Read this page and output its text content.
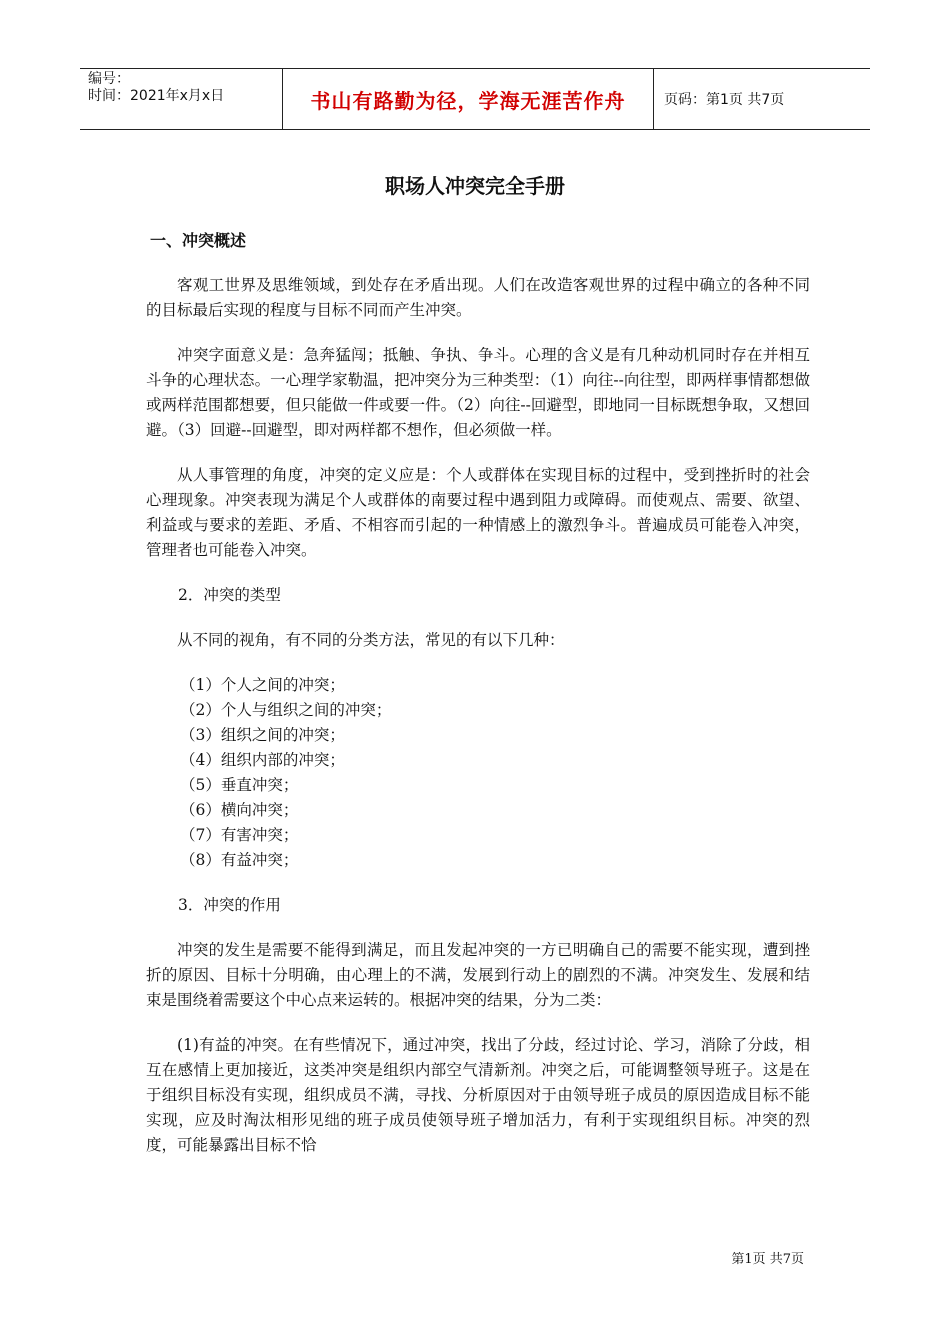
编号：
时间：2021年x月x日	书山有路勤为径，学海无涯苦作舟	页码：第1页 共7页
职场人冲突完全手册
一、冲突概述
客观工世界及思维领域，到处存在矛盾出现。人们在改造客观世界的过程中确立的各种不同的目标最后实现的程度与目标不同而产生冲突。
冲突字面意义是：急奔猛闯；抵触、争执、争斗。心理的含义是有几种动机同时存在并相互斗争的心理状态。一心理学家勒温，把冲突分为三种类型：（1）向往--向往型，即两样事情都想做或两样范围都想要，但只能做一件或要一件。（2）向往--回避型，即地同一目标既想争取，又想回避。（3）回避--回避型，即对两样都不想作，但必须做一样。
从人事管理的角度，冲突的定义应是：个人或群体在实现目标的过程中，受到挫折时的社会心理现象。冲突表现为满足个人或群体的南要过程中遇到阻力或障碍。而使观点、需要、欲望、利益或与要求的差距、矛盾、不相容而引起的一种情感上的激烈争斗。普遍成员可能卷入冲突，管理者也可能卷入冲突。
2．冲突的类型
从不同的视角，有不同的分类方法，常见的有以下几种：
（1）个人之间的冲突；
（2）个人与组织之间的冲突；
（3）组织之间的冲突；
（4）组织内部的冲突；
（5）垂直冲突；
（6）横向冲突；
（7）有害冲突；
（8）有益冲突；
3．冲突的作用
冲突的发生是需要不能得到满足，而且发起冲突的一方已明确自己的需要不能实现，遭到挫折的原因、目标十分明确，由心理上的不满，发展到行动上的剧烈的不满。冲突发生、发展和结束是围绕着需要这个中心点来运转的。根据冲突的结果，分为二类：
(1)有益的冲突。在有些情况下，通过冲突，找出了分歧，经过讨论、学习，消除了分歧，相互在感情上更加接近，这类冲突是组织内部空气清新剂。冲突之后，可能调整领导班子。这是在于组织目标没有实现，组织成员不满，寻找、分析原因对于由领导班子成员的原因造成目标不能实现，应及时淘汰相形见绌的班子成员使领导班子增加活力，有利于实现组织目标。冲突的烈度，可能暴露出目标不恰
第1页 共7页
